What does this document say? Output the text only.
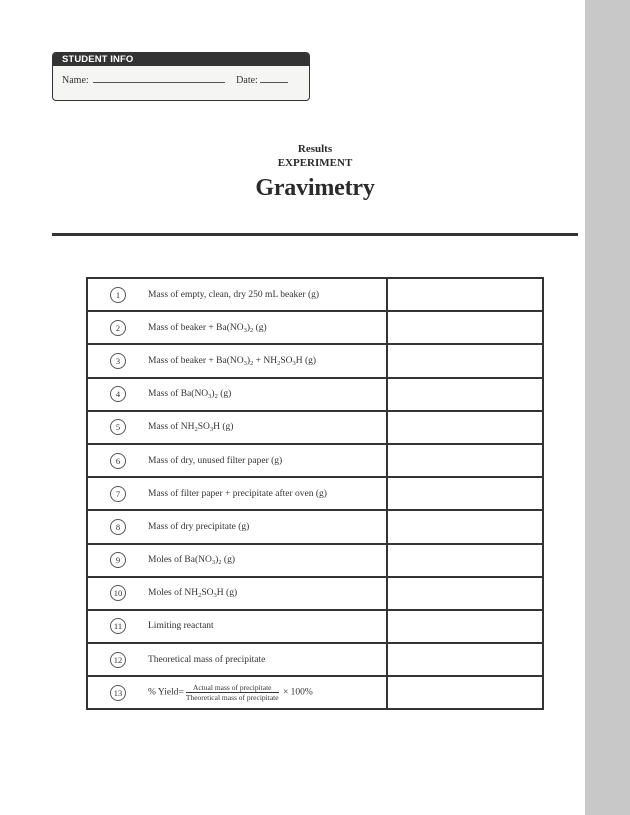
STUDENT INFO
Name:	Date:
Results
EXPERIMENT
Gravimetry
1	Mass of empty, clean, dry 250 mL beaker (g)	
2	Mass of beaker + $Ba(NO_3)_2$ (g)	
3	Mass of beaker + $Ba(NO_3)_2 + NH_2SO_3H$ (g)	
4	Mass of $Ba(NO_3)_2$ (g)	
5	Mass of $NH_2SO_3H$ (g)	
6	Mass of dry, unused filter paper (g)	
7	Mass of filter paper + precipitate after oven (g)	
8	Mass of dry precipitate (g)	
9	Moles of $Ba(NO_3)_2$ (g)	
10	Moles of $NH_2SO_3H$ (g)	
11	Limiting reactant	
12	Theoretical mass of precipitate	
13	% Yield= $\frac{\text{Actual mass of precipitate}}{\text{Theoretical mass of precipitate}} \times 100\%$	
